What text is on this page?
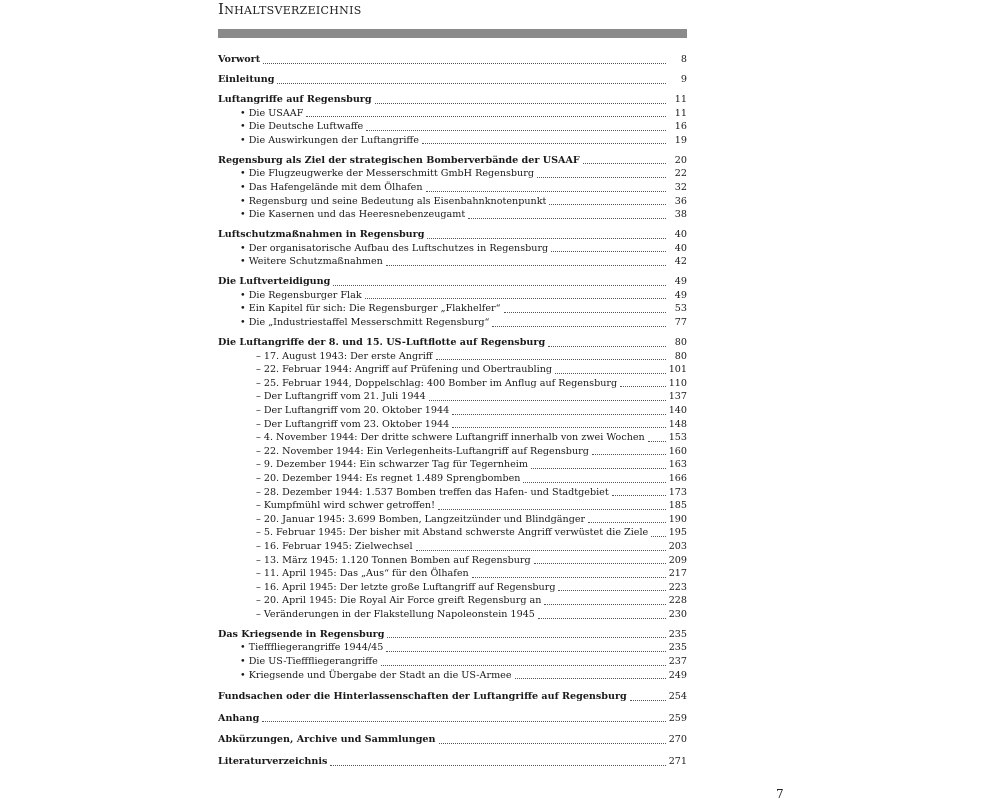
Inhaltsverzeichnis
Vorwort	8
Einleitung	9
Luftangriffe auf Regensburg	11
• Die USAAF	11
• Die Deutsche Luftwaffe	16
• Die Auswirkungen der Luftangriffe	19
Regensburg als Ziel der strategischen Bomberverbände der USAAF	20
• Die Flugzeugwerke der Messerschmitt GmbH Regensburg	22
• Das Hafengelände mit dem Ölhafen	32
• Regensburg und seine Bedeutung als Eisenbahnknotenpunkt	36
• Die Kasernen und das Heeresnebenzeugamt	38
Luftschutzmaßnahmen in Regensburg	40
• Der organisatorische Aufbau des Luftschutzes in Regensburg	40
• Weitere Schutzmaßnahmen	42
Die Luftverteidigung	49
• Die Regensburger Flak	49
• Ein Kapitel für sich: Die Regensburger „Flakhelfer“	53
• Die „Industriestaffel Messerschmitt Regensburg“	77
Die Luftangriffe der 8. und 15. US-Luftflotte auf Regensburg	80
– 17. August 1943: Der erste Angriff	80
– 22. Februar 1944: Angriff auf Prüfening und Obertraubling	101
– 25. Februar 1944, Doppelschlag: 400 Bomber im Anflug auf Regensburg	110
– Der Luftangriff vom 21. Juli 1944	137
– Der Luftangriff vom 20. Oktober 1944	140
– Der Luftangriff vom 23. Oktober 1944	148
– 4. November 1944: Der dritte schwere Luftangriff innerhalb von zwei Wochen 153
– 22. November 1944: Ein Verlegenheits-Luftangriff auf Regensburg	160
– 9. Dezember 1944: Ein schwarzer Tag für Tegernheim	163
– 20. Dezember 1944: Es regnet 1.489 Sprengbomben	166
– 28. Dezember 1944: 1.537 Bomben treffen das Hafen- und Stadtgebiet	173
– Kumpfmühl wird schwer getroffen!	185
– 20. Januar 1945: 3.699 Bomben, Langzeitzünder und Blindgänger	190
– 5. Februar 1945: Der bisher mit Abstand schwerste Angriff verwüstet die Ziele 195
– 16. Februar 1945: Zielwechsel	203
– 13. März 1945: 1.120 Tonnen Bomben auf Regensburg	209
– 11. April 1945: Das „Aus“ für den Ölhafen	217
– 16. April 1945: Der letzte große Luftangriff auf Regensburg	223
– 20. April 1945: Die Royal Air Force greift Regensburg an	228
– Veränderungen in der Flakstellung Napoleonstein 1945	230
Das Kriegsende in Regensburg	235
• Tiefffliegerangriffe 1944/45	235
• Die US-Tiefffliegerangriffe	237
• Kriegsende und Übergabe der Stadt an die US-Armee	249
Fundsachen oder die Hinterlassenschaften der Luftangriffe auf Regensburg	254
Anhang	259
Abkürzungen, Archive und Sammlungen	270
Literaturverzeichnis	271
7
